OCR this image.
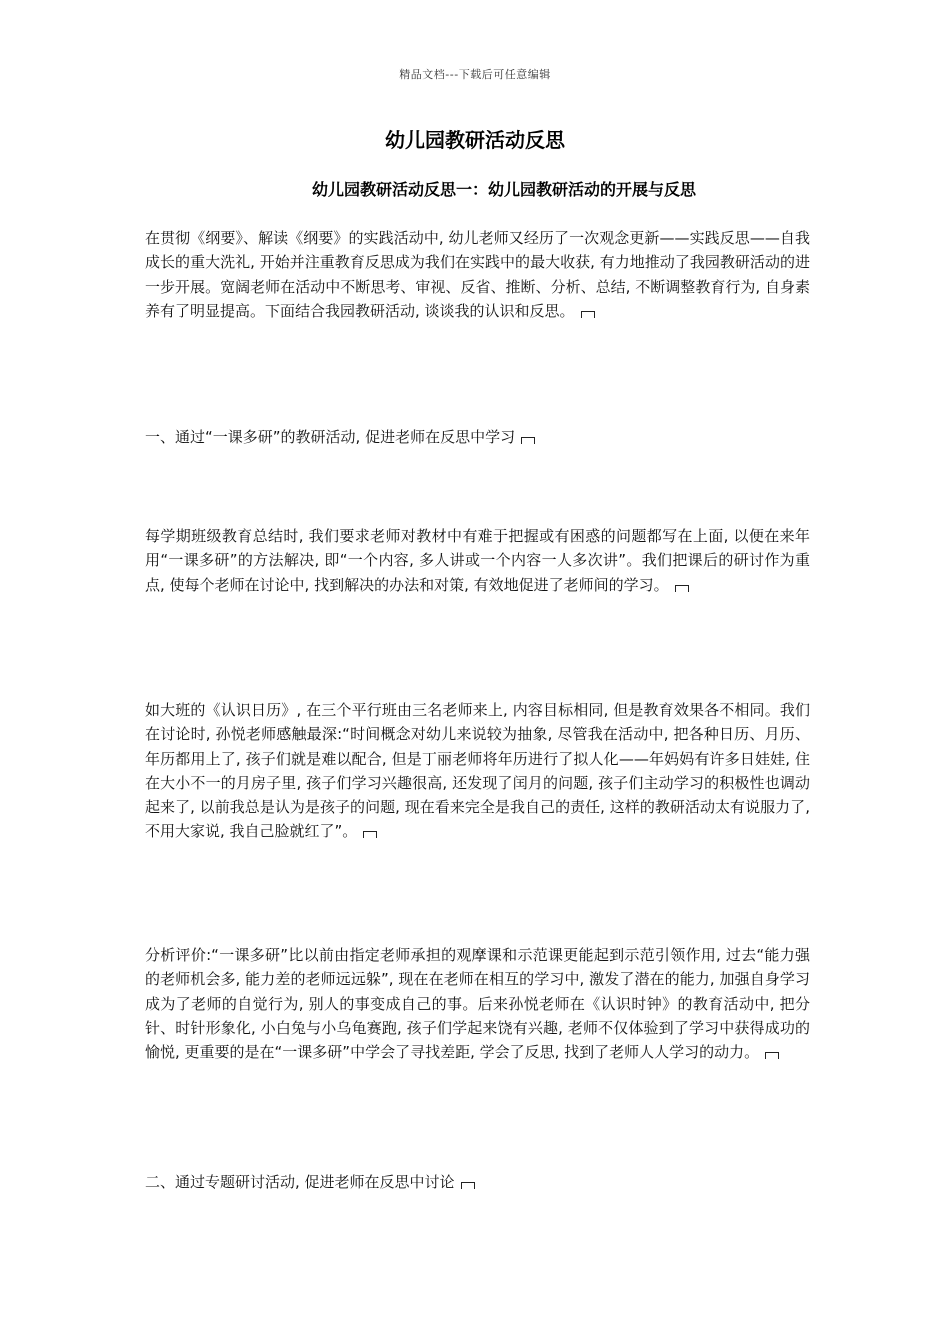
精品文档---下载后可任意编辑
幼儿园教研活动反思
幼儿园教研活动反思一：幼儿园教研活动的开展与反思
在贯彻《纲要》、解读《纲要》的实践活动中, 幼儿老师又经历了一次观念更新——实践反思——自我成长的重大洗礼, 开始并注重教育反思成为我们在实践中的最大收获, 有力地推动了我园教研活动的进一步开展。宽阔老师在活动中不断思考、审视、反省、推断、分析、总结, 不断调整教育行为, 自身素养有了明显提高。下面结合我园教研活动, 谈谈我的认识和反思。
一、通过“一课多研”的教研活动, 促进老师在反思中学习
每学期班级教育总结时, 我们要求老师对教材中有难于把握或有困惑的问题都写在上面, 以便在来年用“一课多研”的方法解决, 即“一个内容, 多人讲或一个内容一人多次讲”。我们把课后的研讨作为重点, 使每个老师在讨论中, 找到解决的办法和对策, 有效地促进了老师间的学习。
如大班的《认识日历》, 在三个平行班由三名老师来上, 内容目标相同, 但是教育效果各不相同。我们在讨论时, 孙悦老师感触最深:“时间概念对幼儿来说较为抽象, 尽管我在活动中, 把各种日历、月历、年历都用上了, 孩子们就是难以配合, 但是丁丽老师将年历进行了拟人化——年妈妈有许多日娃娃, 住在大小不一的月房子里, 孩子们学习兴趣很高, 还发现了闰月的问题, 孩子们主动学习的积极性也调动起来了, 以前我总是认为是孩子的问题, 现在看来完全是我自己的责任, 这样的教研活动太有说服力了, 不用大家说, 我自己脸就红了”。
分析评价:“一课多研”比以前由指定老师承担的观摩课和示范课更能起到示范引领作用, 过去“能力强的老师机会多, 能力差的老师远远躲”, 现在在老师在相互的学习中, 激发了潜在的能力, 加强自身学习成为了老师的自觉行为, 别人的事变成自己的事。后来孙悦老师在《认识时钟》的教育活动中, 把分针、时针形象化, 小白兔与小乌龟赛跑, 孩子们学起来饶有兴趣, 老师不仅体验到了学习中获得成功的愉悦, 更重要的是在“一课多研”中学会了寻找差距, 学会了反思, 找到了老师人人学习的动力。
二、通过专题研讨活动, 促进老师在反思中讨论
